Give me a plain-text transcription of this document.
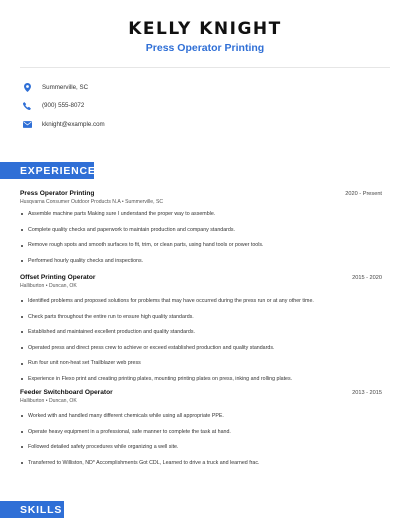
KELLY KNIGHT
Press Operator Printing
Summerville, SC
(900) 555-8072
kknight@example.com
EXPERIENCE
Press Operator Printing	2020 - Present
Husqvarna Consumer Outdoor Products N.A • Summerville, SC
Assemble machine parts Making sure I understand the proper way to assemble.
Complete quality checks and paperwork to maintain production and company standards.
Remove rough spots and smooth surfaces to fit, trim, or clean parts, using hand tools or power tools.
Performed hourly quality checks and inspections.
Offset Printing Operator	2015 - 2020
Halliburton • Duncan, OK
Identified problems and proposed solutions for problems that may have occurred during the press run or at any other time.
Check parts throughout the entire run to ensure high quality standards.
Established and maintained excellent production and quality standards.
Operated press and direct press crew to achieve or exceed established production and quality standards.
Run four unit non-heat set Trailblazer web press
Experience in Flexo print and creating printing plates, mounting printing plates on press, inking and rolling plates.
Feeder Switchboard Operator	2013 - 2015
Halliburton • Duncan, OK
Worked with and handled many different chemicals while using all appropriate PPE.
Operate heavy equipment in a professional, safe manner to complete the task at hand.
Followed detailed safety procedures while organizing a well site.
Transferred to Williston, ND* Accomplishments Got CDL, Learned to drive a truck and learned frac.
SKILLS
